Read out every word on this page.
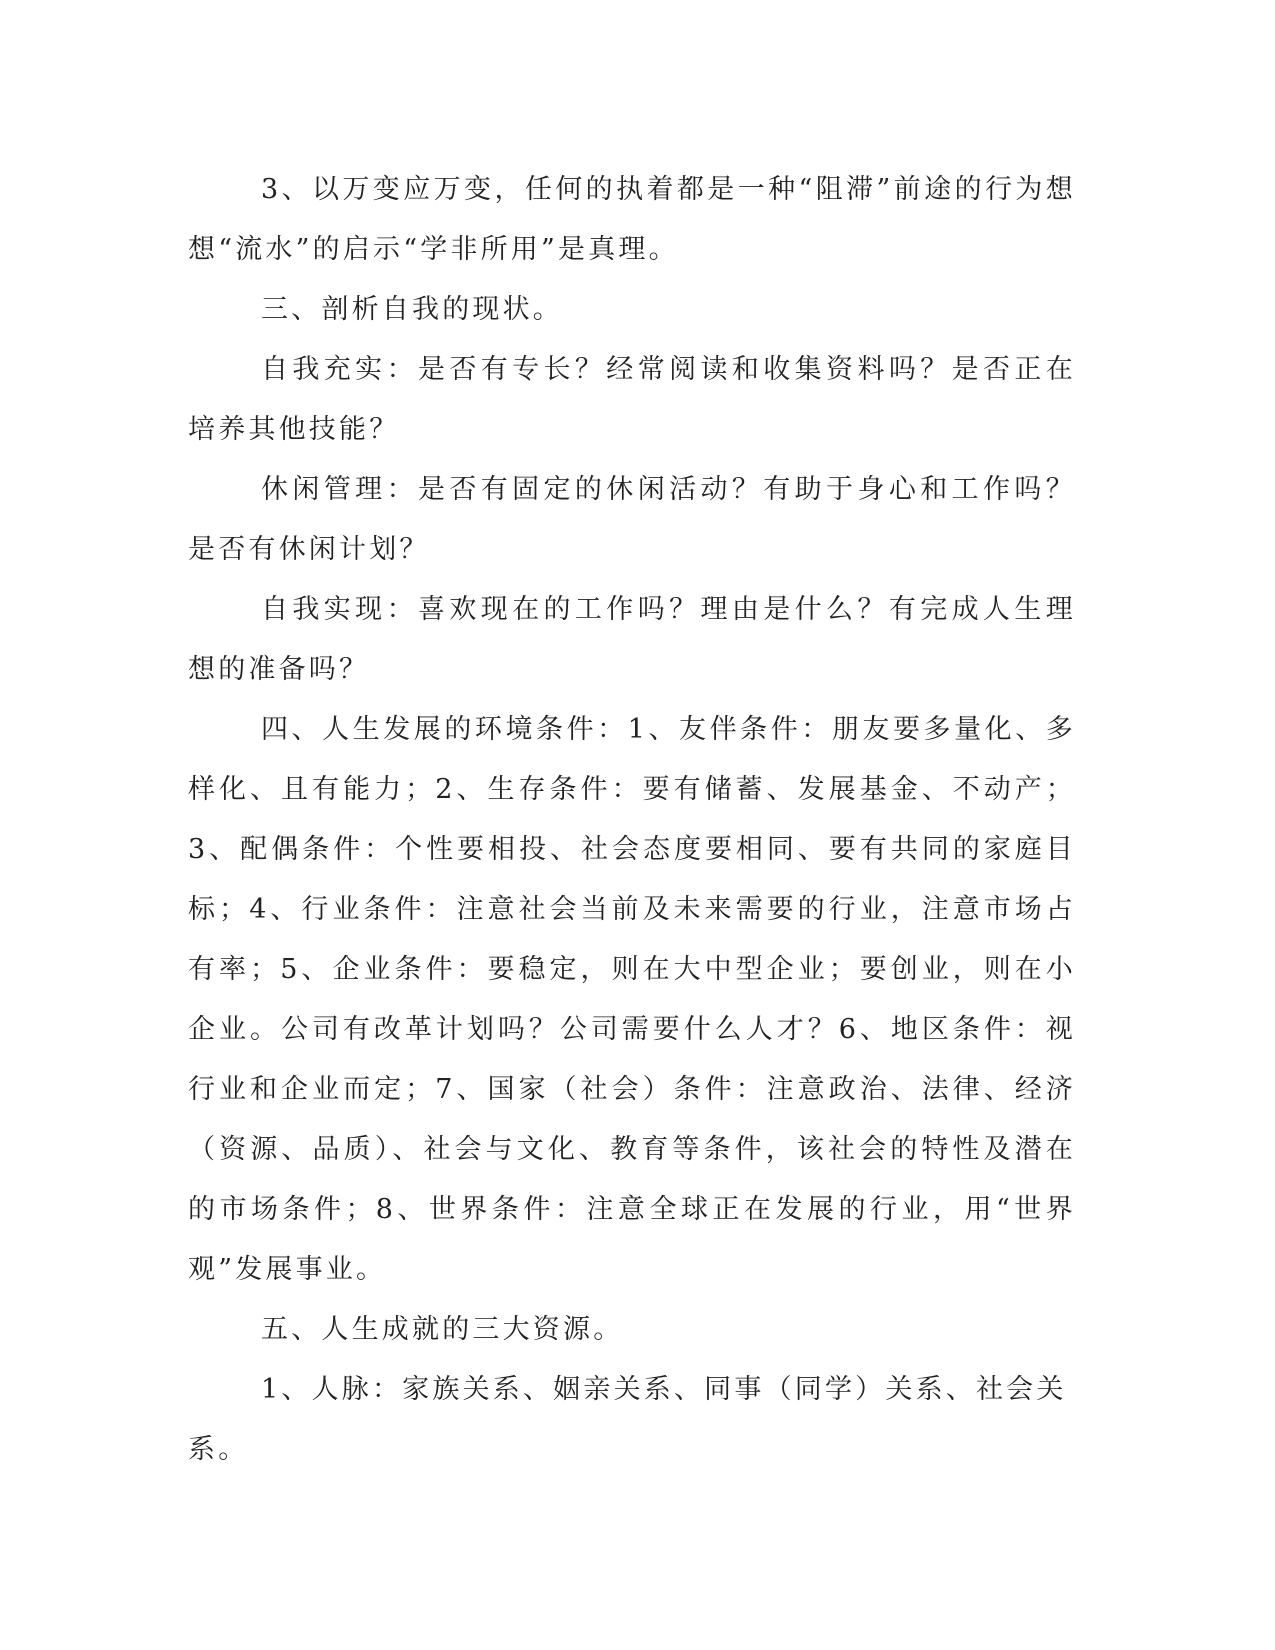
3、以万变应万变，任何的执着都是一种“阻滞”前途的行为想想“流水”的启示“学非所用”是真理。

三、剖析自我的现状。

自我充实：是否有专长？经常阅读和收集资料吗？是否正在培养其他技能？

休闲管理：是否有固定的休闲活动？有助于身心和工作吗？是否有休闲计划？

自我实现：喜欢现在的工作吗？理由是什么？有完成人生理想的准备吗？

四、人生发展的环境条件：1、友伴条件：朋友要多量化、多样化、且有能力；2、生存条件：要有储蓄、发展基金、不动产；3、配偶条件：个性要相投、社会态度要相同、要有共同的家庭目标；4、行业条件：注意社会当前及未来需要的行业，注意市场占有率；5、企业条件：要稳定，则在大中型企业；要创业，则在小企业。公司有改革计划吗？公司需要什么人才？6、地区条件：视行业和企业而定；7、国家（社会）条件：注意政治、法律、经济（资源、品质）、社会与文化、教育等条件，该社会的特性及潜在的市场条件；8、世界条件：注意全球正在发展的行业，用“世界观”发展事业。

五、人生成就的三大资源。

1、人脉：家族关系、姻亲关系、同事（同学）关系、社会关系。
